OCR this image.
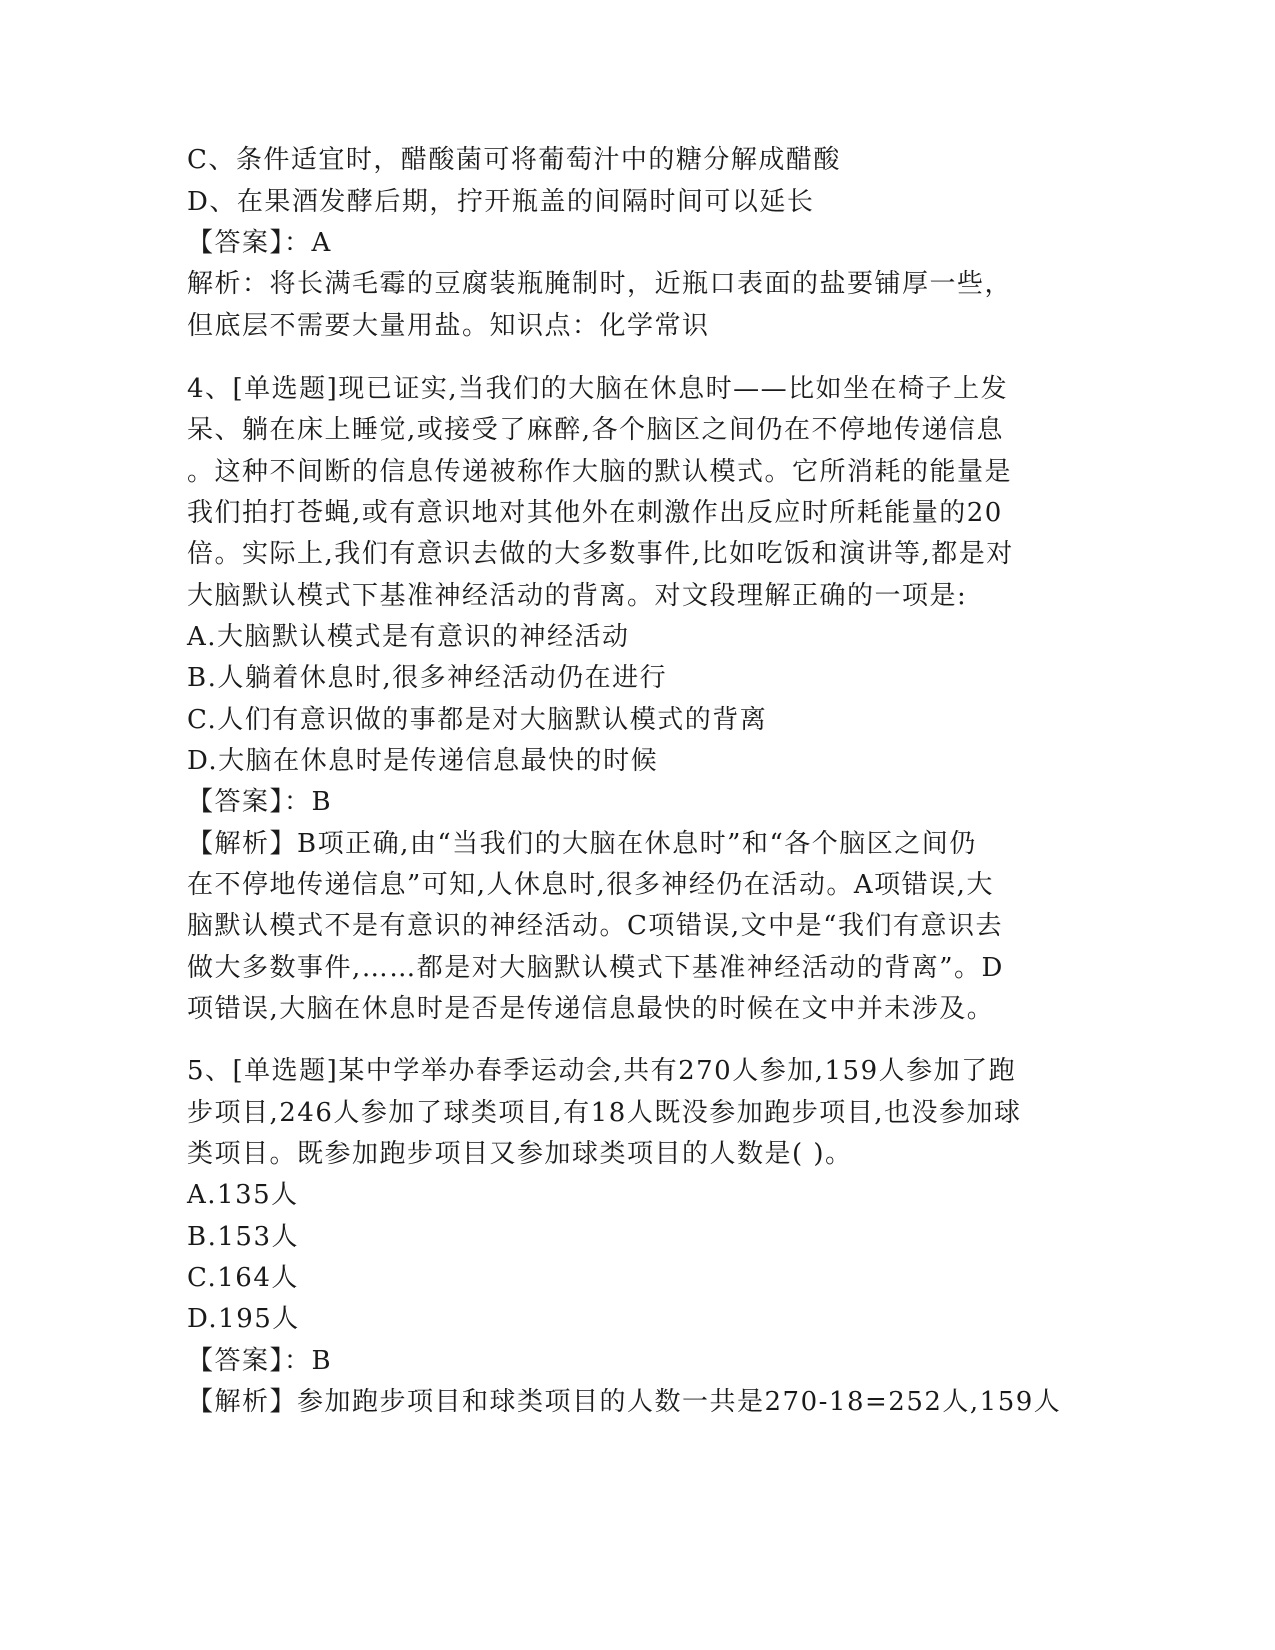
C、条件适宜时，醋酸菌可将葡萄汁中的糖分解成醋酸
D、在果酒发酵后期，拧开瓶盖的间隔时间可以延长
【答案】：A
解析：将长满毛霉的豆腐装瓶腌制时，近瓶口表面的盐要铺厚一些，
但底层不需要大量用盐。知识点：化学常识
4、[单选题]现已证实,当我们的大脑在休息时——比如坐在椅子上发
呆、躺在床上睡觉,或接受了麻醉,各个脑区之间仍在不停地传递信息
。这种不间断的信息传递被称作大脑的默认模式。它所消耗的能量是
我们拍打苍蝇,或有意识地对其他外在刺激作出反应时所耗能量的20
倍。实际上,我们有意识去做的大多数事件,比如吃饭和演讲等,都是对
大脑默认模式下基准神经活动的背离。对文段理解正确的一项是:
A.大脑默认模式是有意识的神经活动
B.人躺着休息时,很多神经活动仍在进行
C.人们有意识做的事都是对大脑默认模式的背离
D.大脑在休息时是传递信息最快的时候
【答案】：B
【解析】B项正确,由“当我们的大脑在休息时”和“各个脑区之间仍
在不停地传递信息”可知,人休息时,很多神经仍在活动。A项错误,大
脑默认模式不是有意识的神经活动。C项错误,文中是“我们有意识去
做大多数事件,……都是对大脑默认模式下基准神经活动的背离”。D
项错误,大脑在休息时是否是传递信息最快的时候在文中并未涉及。
5、[单选题]某中学举办春季运动会,共有270人参加,159人参加了跑
步项目,246人参加了球类项目,有18人既没参加跑步项目,也没参加球
类项目。既参加跑步项目又参加球类项目的人数是( )。
A.135人
B.153人
C.164人
D.195人
【答案】：B
【解析】参加跑步项目和球类项目的人数一共是270-18=252人,159人
